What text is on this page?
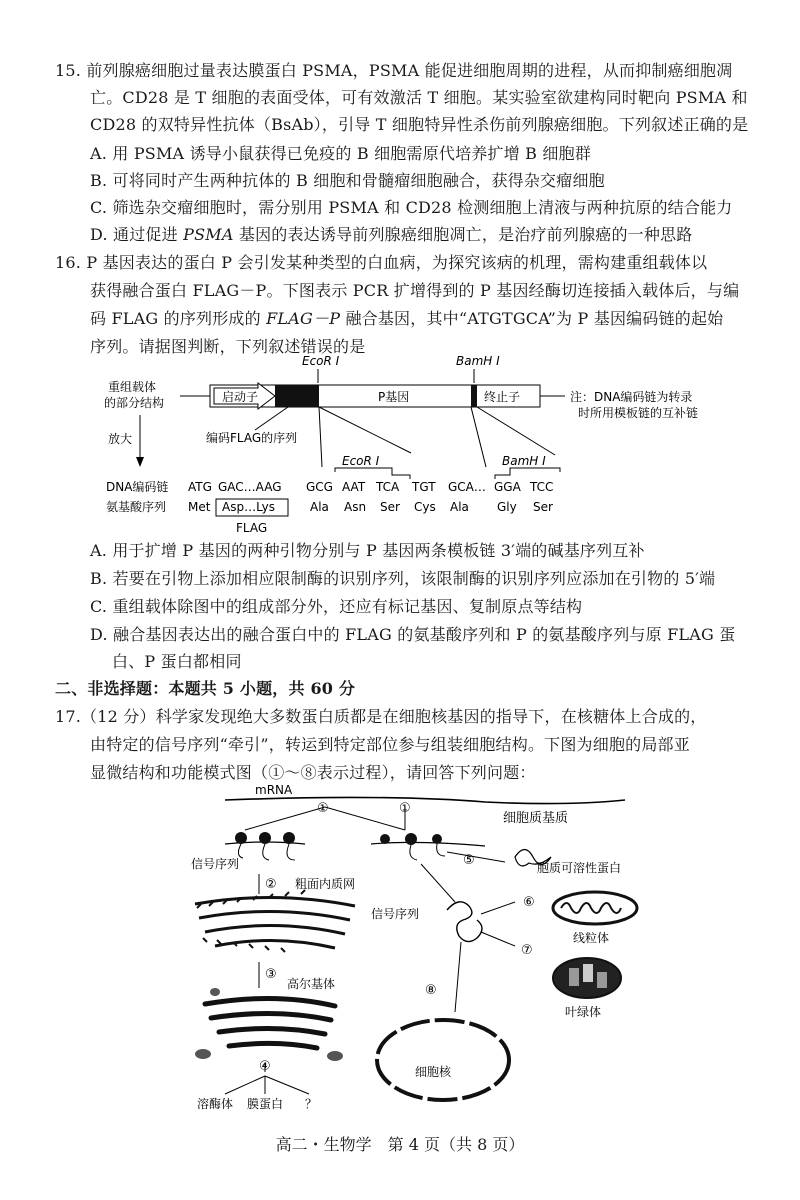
15. 前列腺癌细胞过量表达膜蛋白 PSMA，PSMA 能促进细胞周期的进程，从而抑制癌细胞凋
亡。CD28 是 T 细胞的表面受体，可有效激活 T 细胞。某实验室欲建构同时靶向 PSMA 和
CD28 的双特异性抗体（BsAb），引导 T 细胞特异性杀伤前列腺癌细胞。下列叙述正确的是
A. 用 PSMA 诱导小鼠获得已免疫的 B 细胞需原代培养扩增 B 细胞群
B. 可将同时产生两种抗体的 B 细胞和骨髓瘤细胞融合，获得杂交瘤细胞
C. 筛选杂交瘤细胞时，需分别用 PSMA 和 CD28 检测细胞上清液与两种抗原的结合能力
D. 通过促进 PSMA 基因的表达诱导前列腺癌细胞凋亡，是治疗前列腺癌的一种思路
16. P 基因表达的蛋白 P 会引发某种类型的白血病，为探究该病的机理，需构建重组载体以
获得融合蛋白 FLAG－P。下图表示 PCR 扩增得到的 P 基因经酶切连接插入载体后，与编
码 FLAG 的序列形成的 FLAG－P 融合基因，其中“ATGTGCA”为 P 基因编码链的起始
序列。请据图判断，下列叙述错误的是
EcoR Ⅰ	BamH Ⅰ
重组载体
的部分结构	启动子	P基因	终止子	注：DNA编码链为转录
时所用模板链的互补链
放大	编码FLAG的序列
EcoR Ⅰ	BamH Ⅰ
DNA编码链 ATG GAC…AAG GCG AAT TCA TGT GCA… GGA TCC
氨基酸序列 Met Asp…Lys	Ala Asn Ser Cys Ala Gly Ser
FLAG
A. 用于扩增 P 基因的两种引物分别与 P 基因两条模板链 3′端的碱基序列互补
B. 若要在引物上添加相应限制酶的识别序列，该限制酶的识别序列应添加在引物的 5′端
C. 重组载体除图中的组成部分外，还应有标记基因、复制原点等结构
D. 融合基因表达出的融合蛋白中的 FLAG 的氨基酸序列和 P 的氨基酸序列与原 FLAG 蛋
白、P 蛋白都相同
二、非选择题：本题共 5 小题，共 60 分
17.（12 分）科学家发现绝大多数蛋白质都是在细胞核基因的指导下，在核糖体上合成的，
由特定的信号序列“牵引”，转运到特定部位参与组装细胞结构。下图为细胞的局部亚
显微结构和功能模式图（①～⑧表示过程），请回答下列问题：
mRNA
①	①
细胞质基质
信号序列	⑤	胞质可溶性蛋白
② 粗面内质网
③
高尔基体
④
溶酶体 膜蛋白 ？
信号序列
⑥
⑦
⑧
线粒体
叶绿体
细胞核
高二・生物学　第 4 页（共 8 页）
